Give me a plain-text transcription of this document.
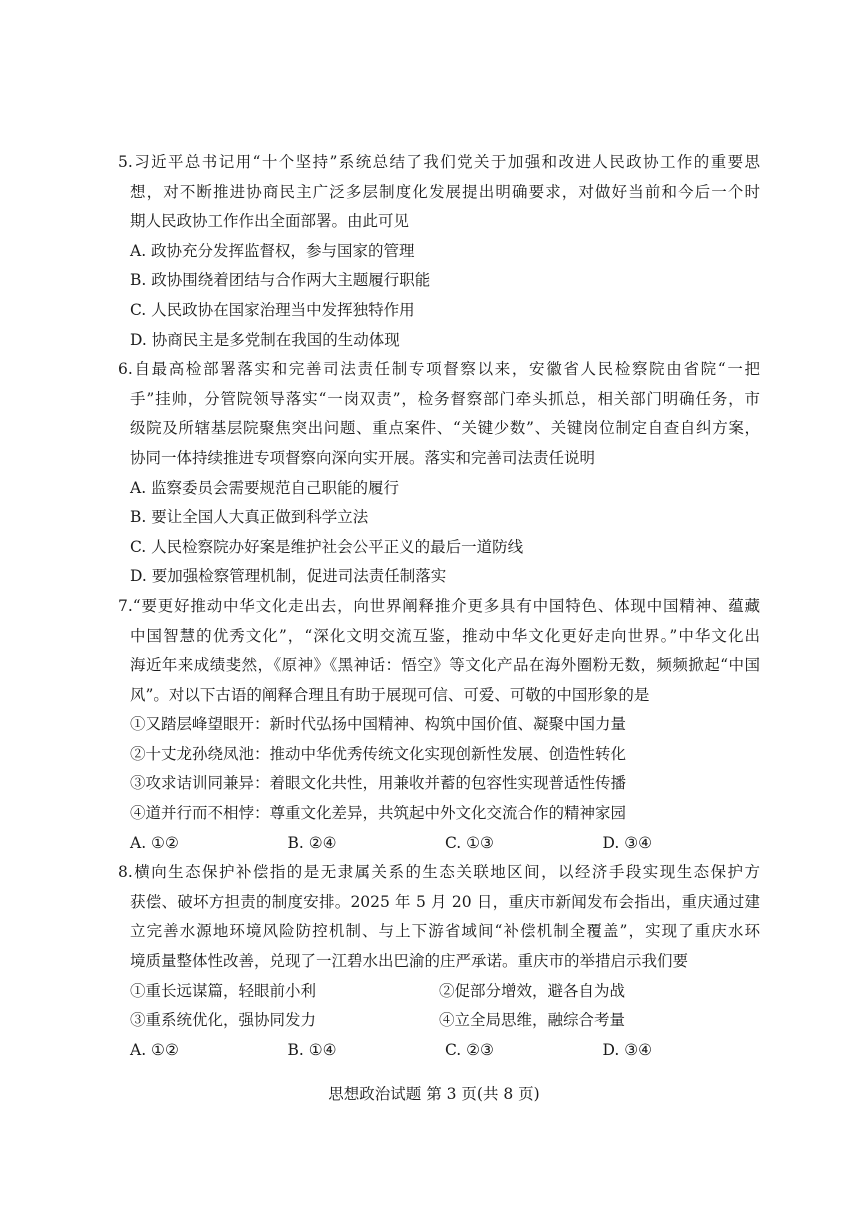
5.习近平总书记用“十个坚持”系统总结了我们党关于加强和改进人民政协工作的重要思
想，对不断推进协商民主广泛多层制度化发展提出明确要求，对做好当前和今后一个时
期人民政协工作作出全面部署。由此可见
A. 政协充分发挥监督权，参与国家的管理
B. 政协围绕着团结与合作两大主题履行职能
C. 人民政协在国家治理当中发挥独特作用
D. 协商民主是多党制在我国的生动体现
6.自最高检部署落实和完善司法责任制专项督察以来，安徽省人民检察院由省院“一把
手”挂帅，分管院领导落实“一岗双责”，检务督察部门牵头抓总，相关部门明确任务，市
级院及所辖基层院聚焦突出问题、重点案件、“关键少数”、关键岗位制定自查自纠方案，
协同一体持续推进专项督察向深向实开展。落实和完善司法责任说明
A. 监察委员会需要规范自己职能的履行
B. 要让全国人大真正做到科学立法
C. 人民检察院办好案是维护社会公平正义的最后一道防线
D. 要加强检察管理机制，促进司法责任制落实
7.“要更好推动中华文化走出去，向世界阐释推介更多具有中国特色、体现中国精神、蕴藏
中国智慧的优秀文化”，“深化文明交流互鉴，推动中华文化更好走向世界。”中华文化出
海近年来成绩斐然，《原神》《黑神话：悟空》等文化产品在海外圈粉无数，频频掀起“中国
风”。对以下古语的阐释合理且有助于展现可信、可爱、可敬的中国形象的是
①又踏层峰望眼开：新时代弘扬中国精神、构筑中国价值、凝聚中国力量
②十丈龙孙绕凤池：推动中华优秀传统文化实现创新性发展、创造性转化
③攻求诘训同兼异：着眼文化共性，用兼收并蓄的包容性实现普适性传播
④道并行而不相悖：尊重文化差异，共筑起中外文化交流合作的精神家园
A. ①②	B. ②④	C. ①③	D. ③④
8.横向生态保护补偿指的是无隶属关系的生态关联地区间，以经济手段实现生态保护方
获偿、破坏方担责的制度安排。2025 年 5 月 20 日，重庆市新闻发布会指出，重庆通过建
立完善水源地环境风险防控机制、与上下游省域间“补偿机制全覆盖”，实现了重庆水环
境质量整体性改善，兑现了一江碧水出巴渝的庄严承诺。重庆市的举措启示我们要
①重长远谋篇，轻眼前小利	②促部分增效，避各自为战
③重系统优化，强协同发力	④立全局思维，融综合考量
A. ①②	B. ①④	C. ②③	D. ③④
思想政治试题 第 3 页(共 8 页)
